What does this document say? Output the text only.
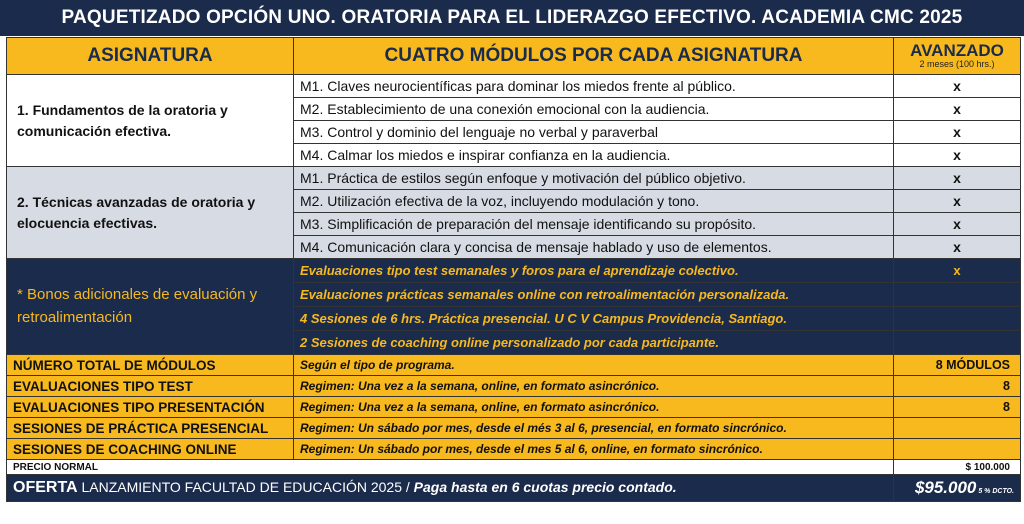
PAQUETIZADO OPCIÓN UNO. ORATORIA PARA EL LIDERAZGO EFECTIVO. ACADEMIA CMC 2025
ASIGNATURA	CUATRO MÓDULOS POR CADA ASIGNATURA	AVANZADO
2 meses (100 hrs.)

1. Fundamentos de la oratoria y comunicación efectiva.	M1. Claves neurocientíficas para dominar los miedos frente al público.	x
	M2. Establecimiento de una conexión emocional con la audiencia.	x
	M3. Control y dominio del lenguaje no verbal y paraverbal	x
	M4. Calmar los miedos e inspirar confianza en la audiencia.	x
2. Técnicas avanzadas de oratoria y elocuencia efectivas.	M1. Práctica de estilos según enfoque y motivación del público objetivo.	x
	M2. Utilización efectiva de la voz, incluyendo modulación y tono.	x
	M3. Simplificación de preparación del mensaje identificando su propósito.	x
	M4. Comunicación clara y concisa de mensaje hablado y uso de elementos.	x
* Bonos adicionales de evaluación y retroalimentación	Evaluaciones tipo test semanales y foros para el aprendizaje colectivo.	x
	Evaluaciones prácticas semanales online con retroalimentación personalizada.	
	4 Sesiones de 6 hrs. Práctica presencial. U C V Campus Providencia, Santiago.	
	2 Sesiones de coaching online personalizado por cada participante.	
NÚMERO TOTAL DE MÓDULOS	Según el tipo de programa.	8 MÓDULOS
EVALUACIONES TIPO TEST	Regimen: Una vez a la semana, online, en formato asincrónico.	8
EVALUACIONES TIPO PRESENTACIÓN	Regimen: Una vez a la semana, online, en formato asincrónico.	8
SESIONES DE PRÁCTICA PRESENCIAL	Regimen: Un sábado por mes, desde el més 3 al 6, presencial, en formato sincrónico.	
SESIONES DE COACHING ONLINE	Regimen: Un sábado por mes, desde el mes 5 al 6, online, en formato sincrónico.	
PRECIO NORMAL		$ 100.000
OFERTA LANZAMIENTO FACULTAD DE EDUCACIÓN 2025 / Paga hasta en 6 cuotas precio contado.		$95.000 5 % DCTO.
